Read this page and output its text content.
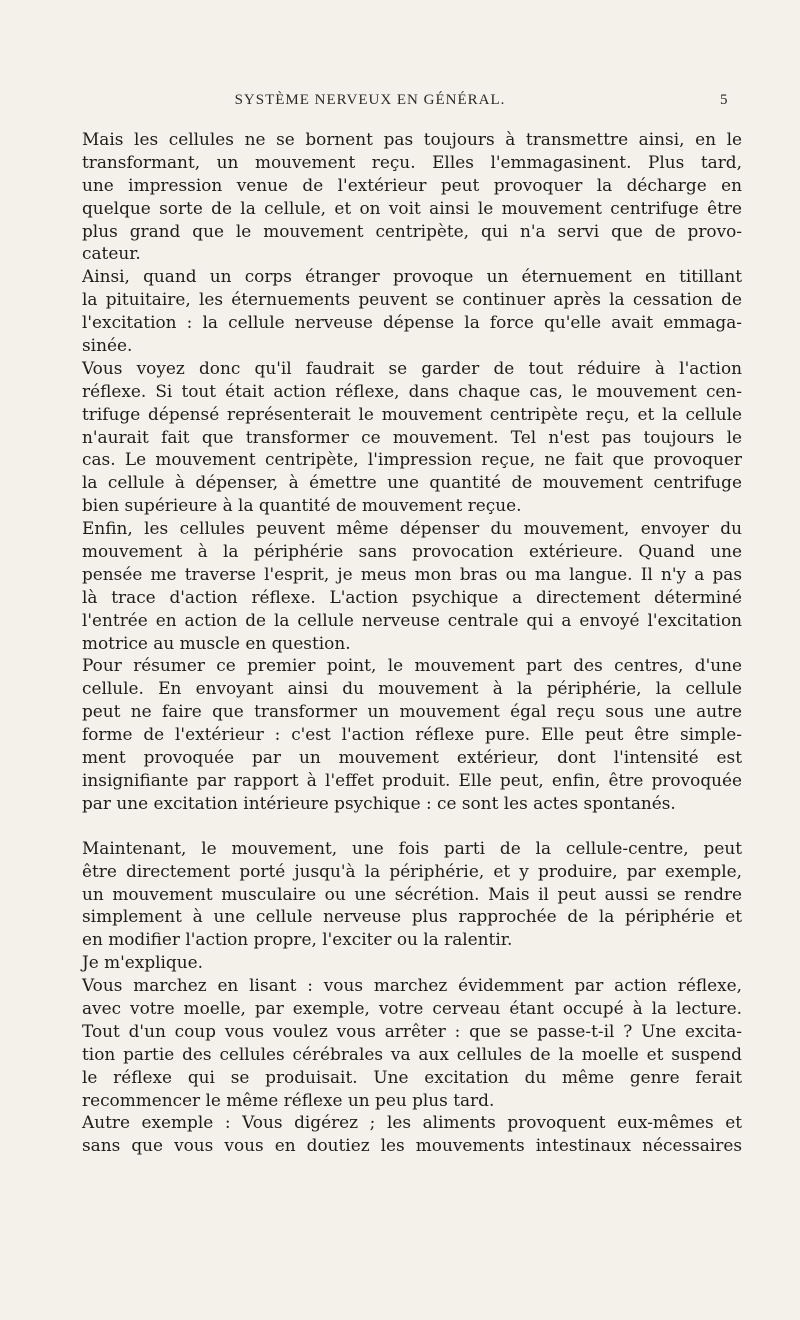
SYSTÈME NERVEUX EN GÉNÉRAL.	5
Mais les cellules ne se bornent pas toujours à transmettre ainsi, en le
transformant, un mouvement reçu. Elles l'emmagasinent. Plus tard,
une impression venue de l'extérieur peut provoquer la décharge en
quelque sorte de la cellule, et on voit ainsi le mouvement centrifuge être
plus grand que le mouvement centripète, qui n'a servi que de provo-
cateur.
Ainsi, quand un corps étranger provoque un éternuement en titillant
la pituitaire, les éternuements peuvent se continuer après la cessation de
l'excitation : la cellule nerveuse dépense la force qu'elle avait emmaga-
sinée.
Vous voyez donc qu'il faudrait se garder de tout réduire à l'action
réflexe. Si tout était action réflexe, dans chaque cas, le mouvement cen-
trifuge dépensé représenterait le mouvement centripète reçu, et la cellule
n'aurait fait que transformer ce mouvement. Tel n'est pas toujours le
cas. Le mouvement centripète, l'impression reçue, ne fait que provoquer
la cellule à dépenser, à émettre une quantité de mouvement centrifuge
bien supérieure à la quantité de mouvement reçue.
Enfin, les cellules peuvent même dépenser du mouvement, envoyer du
mouvement à la périphérie sans provocation extérieure. Quand une
pensée me traverse l'esprit, je meus mon bras ou ma langue. Il n'y a pas
là trace d'action réflexe. L'action psychique a directement déterminé
l'entrée en action de la cellule nerveuse centrale qui a envoyé l'excitation
motrice au muscle en question.
Pour résumer ce premier point, le mouvement part des centres, d'une
cellule. En envoyant ainsi du mouvement à la périphérie, la cellule
peut ne faire que transformer un mouvement égal reçu sous une autre
forme de l'extérieur : c'est l'action réflexe pure. Elle peut être simple-
ment provoquée par un mouvement extérieur, dont l'intensité est
insignifiante par rapport à l'effet produit. Elle peut, enfin, être provoquée
par une excitation intérieure psychique : ce sont les actes spontanés.
Maintenant, le mouvement, une fois parti de la cellule-centre, peut
être directement porté jusqu'à la périphérie, et y produire, par exemple,
un mouvement musculaire ou une sécrétion. Mais il peut aussi se rendre
simplement à une cellule nerveuse plus rapprochée de la périphérie et
en modifier l'action propre, l'exciter ou la ralentir.
Je m'explique.
Vous marchez en lisant : vous marchez évidemment par action réflexe,
avec votre moelle, par exemple, votre cerveau étant occupé à la lecture.
Tout d'un coup vous voulez vous arrêter : que se passe-t-il ? Une excita-
tion partie des cellules cérébrales va aux cellules de la moelle et suspend
le réflexe qui se produisait. Une excitation du même genre ferait
recommencer le même réflexe un peu plus tard.
Autre exemple : Vous digérez ; les aliments provoquent eux-mêmes et
sans que vous vous en doutiez les mouvements intestinaux nécessaires
